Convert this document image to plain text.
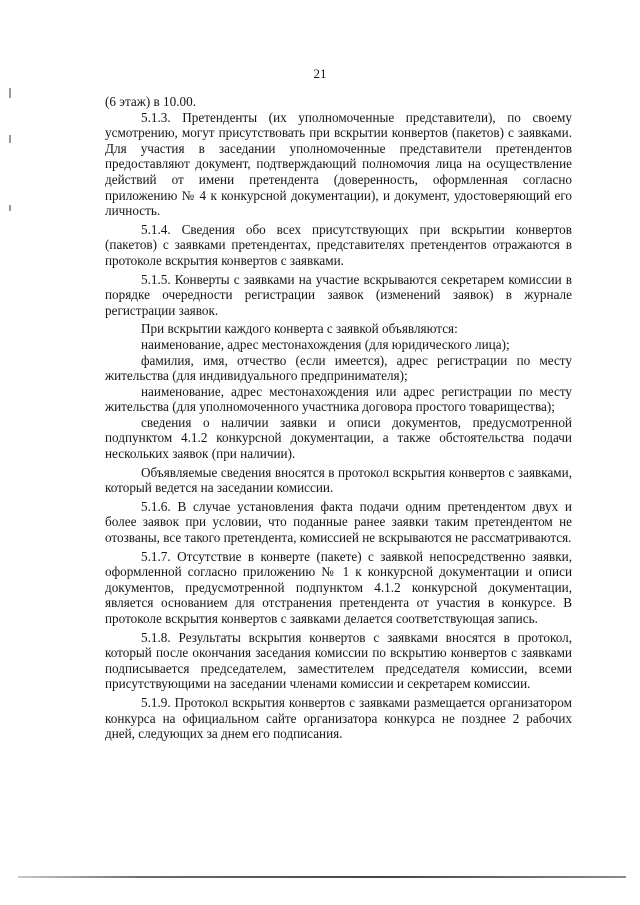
21

(6 этаж) в 10.00.

5.1.3. Претенденты (их уполномоченные представители), по своему усмотрению, могут присутствовать при вскрытии конвертов (пакетов) с заявками. Для участия в заседании уполномоченные представители претендентов предоставляют документ, подтверждающий полномочия лица на осуществление действий от имени претендента (доверенность, оформленная согласно приложению № 4 к конкурсной документации), и документ, удостоверяющий его личность.

5.1.4. Сведения обо всех присутствующих при вскрытии конвертов (пакетов) с заявками претендентах, представителях претендентов отражаются в протоколе вскрытия конвертов с заявками.

5.1.5. Конверты с заявками на участие вскрываются секретарем комиссии в порядке очередности регистрации заявок (изменений заявок) в журнале регистрации заявок.

При вскрытии каждого конверта с заявкой объявляются:

наименование, адрес местонахождения (для юридического лица);

фамилия, имя, отчество (если имеется), адрес регистрации по месту жительства (для индивидуального предпринимателя);

наименование, адрес местонахождения или адрес регистрации по месту жительства (для уполномоченного участника договора простого товарищества);

сведения о наличии заявки и описи документов, предусмотренной подпунктом 4.1.2 конкурсной документации, а также обстоятельства подачи нескольких заявок (при наличии).

Объявляемые сведения вносятся в протокол вскрытия конвертов с заявками, который ведется на заседании комиссии.

5.1.6. В случае установления факта подачи одним претендентом двух и более заявок при условии, что поданные ранее заявки таким претендентом не отозваны, все такого претендента, комиссией не вскрываются не рассматриваются.

5.1.7. Отсутствие в конверте (пакете) с заявкой непосредственно заявки, оформленной согласно приложению № 1 к конкурсной документации и описи документов, предусмотренной подпунктом 4.1.2 конкурсной документации, является основанием для отстранения претендента от участия в конкурсе. В протоколе вскрытия конвертов с заявками делается соответствующая запись.

5.1.8. Результаты вскрытия конвертов с заявками вносятся в протокол, который после окончания заседания комиссии по вскрытию конвертов с заявками подписывается председателем, заместителем председателя комиссии, всеми присутствующими на заседании членами комиссии и секретарем комиссии.

5.1.9. Протокол вскрытия конвертов с заявками размещается организатором конкурса на официальном сайте организатора конкурса не позднее 2 рабочих дней, следующих за днем его подписания.
